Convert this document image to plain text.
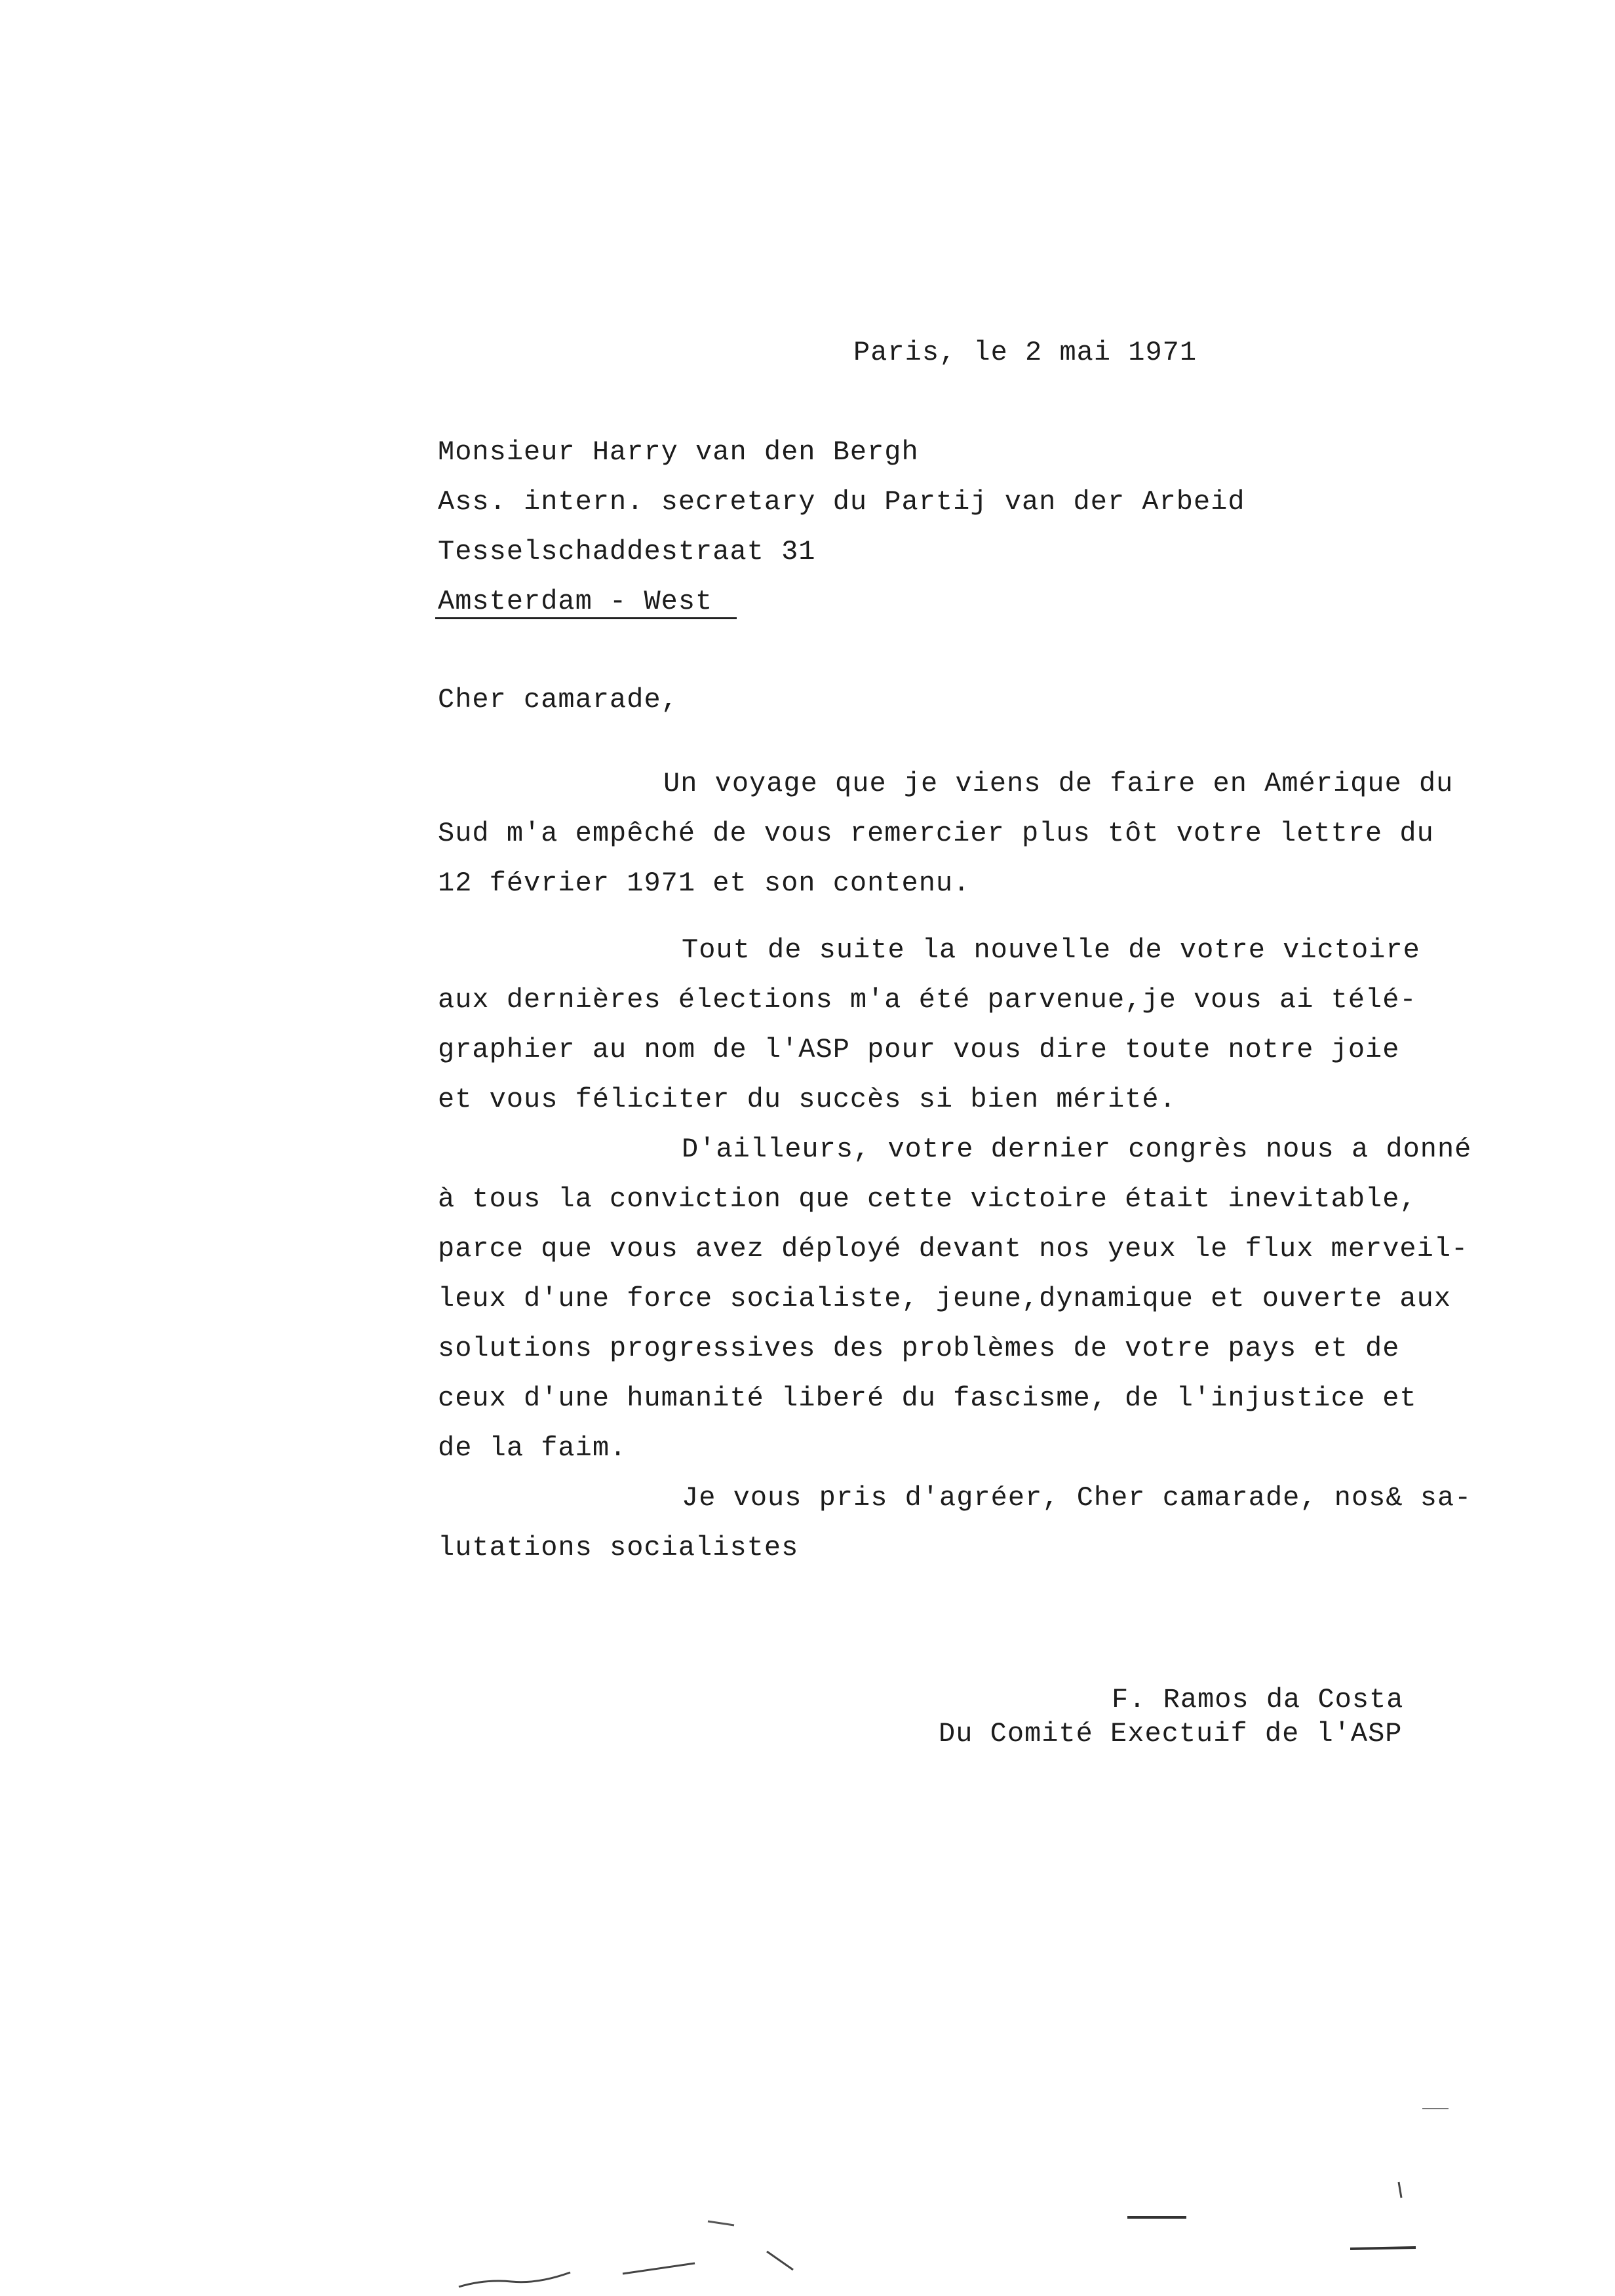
Paris, le 2 mai 1971
Monsieur Harry van den Bergh
Ass. intern. secretary du Partij van der Arbeid
Tesselschaddestraat 31
Amsterdam - West
Cher camarade,
Un voyage que je viens de faire en Amérique du
Sud m'a empêché de vous remercier plus tôt votre lettre du
12 février 1971 et son contenu.
Tout de suite la nouvelle de votre victoire
aux dernières élections m'a été parvenue,je vous ai télé-
graphier au nom de l'ASP pour vous dire toute notre joie
et vous féliciter du succès si bien mérité.
D'ailleurs, votre dernier congrès nous a donné
à tous la conviction que cette victoire était inevitable,
parce que vous avez déployé devant nos yeux le flux merveil-
leux d'une force socialiste, jeune,dynamique et ouverte aux
solutions progressives des problèmes de votre pays et de
ceux d'une humanité liberé du fascisme, de l'injustice et
de la faim.
Je vous pris d'agréer, Cher camarade, nos& sa-
lutations socialistes
F. Ramos da Costa
Du Comité Exectuif de l'ASP
